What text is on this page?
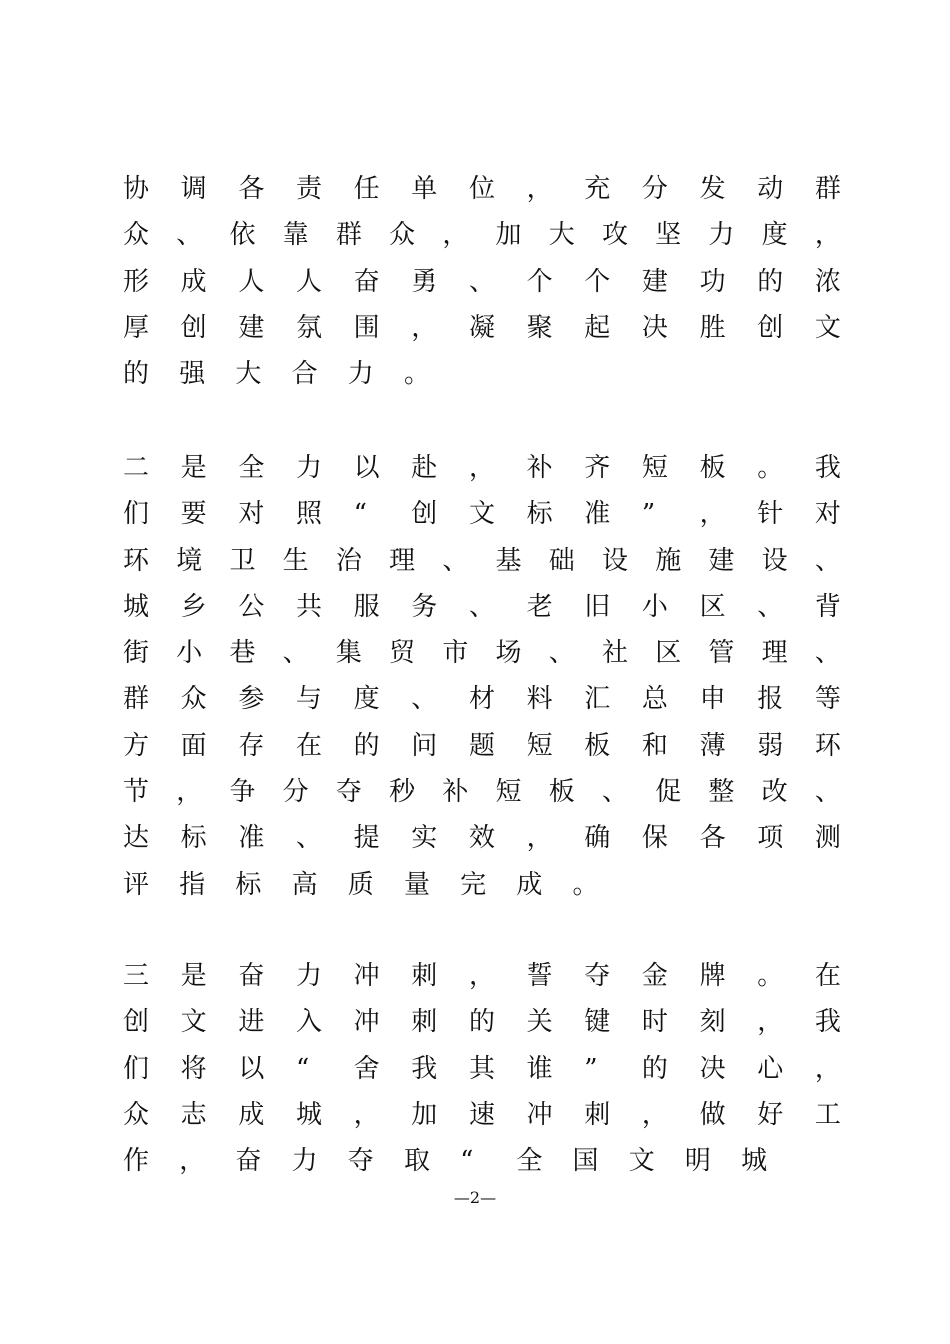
协 调 各 责 任 单 位 ， 充 分 发 动 群
众 、 依 靠 群 众 ， 加 大 攻 坚 力 度 ，
形 成 人 人 奋 勇 、 个 个 建 功 的 浓
厚 创 建 氛 围 ， 凝 聚 起 决 胜 创 文
的 强 大 合 力 。
二 是 全 力 以 赴 ， 补 齐 短 板 。 我
们 要 对 照 “	创 文 标 准 ”	， 针 对
环 境 卫 生 治 理 、 基 础 设 施 建 设 、
城 乡 公 共 服 务 、 老 旧 小 区 、 背
街 小 巷 、 集 贸 市 场 、 社 区 管 理 、
群 众 参 与 度 、 材 料 汇 总 申 报 等
方 面 存 在 的 问 题 短 板 和 薄 弱 环
节 ， 争 分 夺 秒 补 短 板 、 促 整 改 、
达 标 准 、 提 实 效 ， 确 保 各 项 测
评 指 标 高 质 量 完 成 。
三 是 奋 力 冲 刺 ， 誓 夺 金 牌 。 在
创 文 进 入 冲 刺 的 关 键 时 刻 ， 我
们 将 以 “	舍 我 其 谁 ”	的 决 心 ，
众 志 成 城 ， 加 速 冲 刺 ， 做 好 工
作 ， 奋 力 夺 取 “	全 国 文 明 城
—2—
